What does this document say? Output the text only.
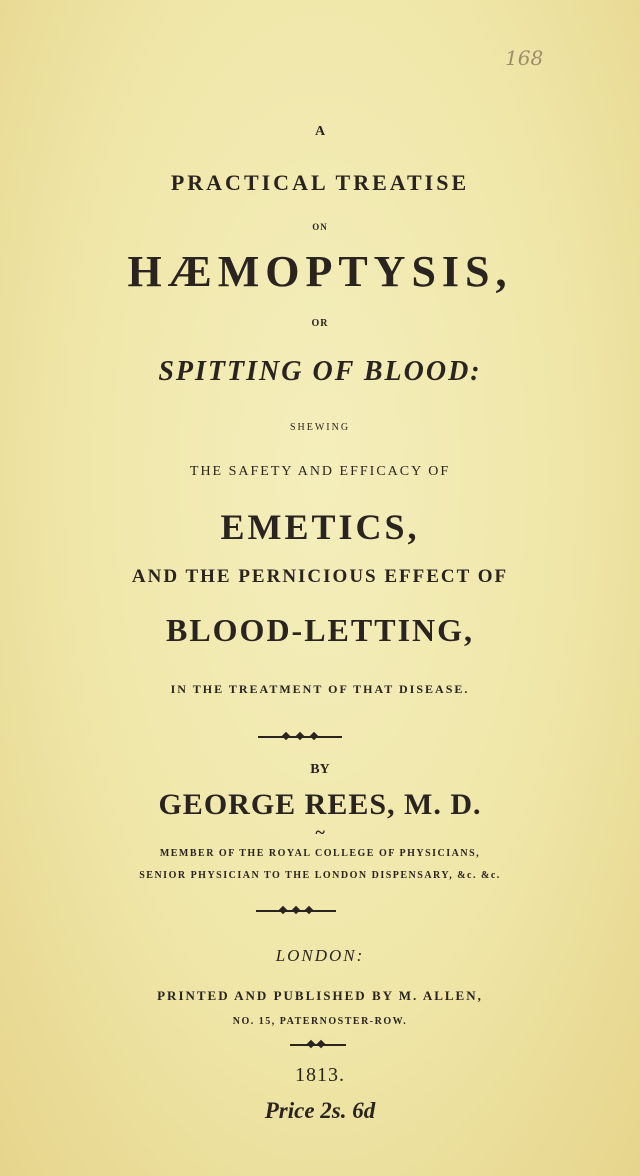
168
A
PRACTICAL TREATISE
ON
HÆMOPTYSIS,
OR
SPITTING OF BLOOD:
SHEWING
THE SAFETY AND EFFICACY OF
EMETICS,
AND THE PERNICIOUS EFFECT OF
BLOOD-LETTING,
IN THE TREATMENT OF THAT DISEASE.
BY
GEORGE REES, M. D.
~
MEMBER OF THE ROYAL COLLEGE OF PHYSICIANS,
SENIOR PHYSICIAN TO THE LONDON DISPENSARY, &c. &c.
LONDON:
PRINTED AND PUBLISHED BY M. ALLEN,
NO. 15, PATERNOSTER-ROW.
1813.
Price 2s. 6d
